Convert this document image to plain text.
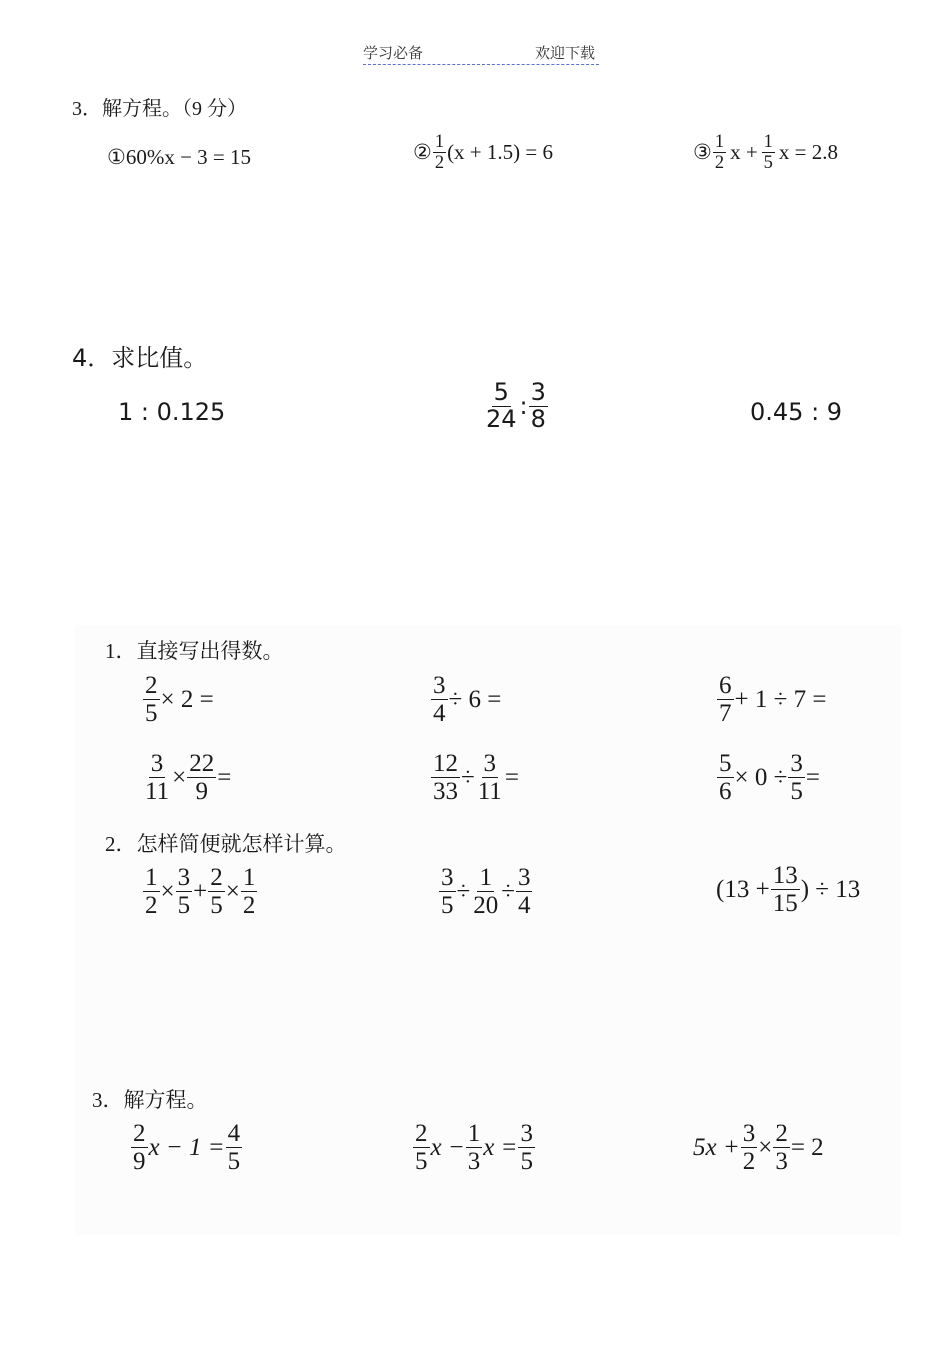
学习必备	欢迎下载
3．解方程。（9 分）
① 60%x − 3 = 15	② $\frac{1}{2} (x + 1.5) = 6$	③ $\frac{1}{2}$ $x + \frac{1}{5}$ x = 2.8
4．求比值。
1 : 0.125	$\frac{5}{24}$ : $\frac{3}{8}$	0.45 : 9
1．直接写出得数。
$\frac{2}{5} \times 2$ =	$\frac{3}{4} \div 6$ =	$\frac{6}{7} + 1 \div 7$ =
$\frac{3}{11} \times \frac{22}{9}$ =	$\frac{12}{33} \div \frac{3}{11}$ =	$\frac{5}{6} \times 0 \div \frac{3}{5}$ =
2．怎样简便就怎样计算。
$\frac{1}{2} \times \frac{3}{5} + \frac{2}{5} \times \frac{1}{2}$	$\frac{3}{5} \div \frac{1}{20} \div \frac{3}{4}$	($13 + \frac{13}{15}$ ) ÷ 13
3．解方程。
$\frac{2}{9}$ $x - 1 = \frac{4}{5}$	$\frac{2}{5}$ $x - \frac{1}{3}$ $x = \frac{3}{5}$	$5x + \frac{3}{2} \times \frac{2}{3} = 2$
